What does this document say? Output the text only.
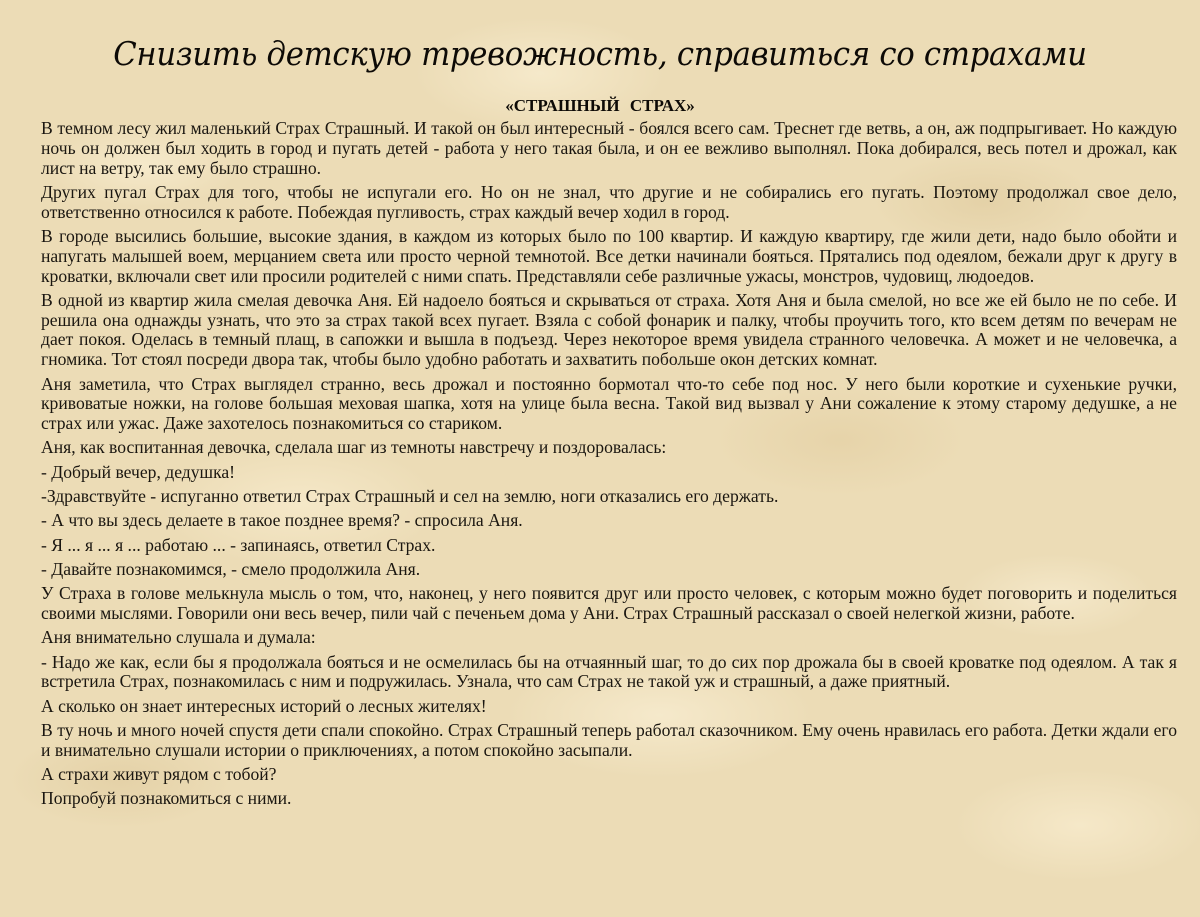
Снизить детскую тревожность, справиться со страхами
«СТРАШНЫЙ СТРАХ»

В темном лесу жил маленький Страх Страшный. И такой он был интересный - боялся всего сам. Треснет где ветвь, а он, аж подпрыгивает. Но каждую ночь он должен был ходить в город и пугать детей - работа у него такая была, и он ее вежливо выполнял. Пока добирался, весь потел и дрожал, как лист на ветру, так ему было страшно.

Других пугал Страх для того, чтобы не испугали его. Но он не знал, что другие и не собирались его пугать. Поэтому продолжал свое дело, ответственно относился к работе. Побеждая пугливость, страх каждый вечер ходил в город.

В городе высились большие, высокие здания, в каждом из которых было по 100 квартир. И каждую квартиру, где жили дети, надо было обойти и напугать малышей воем, мерцанием света или просто черной темнотой. Все детки начинали бояться. Прятались под одеялом, бежали друг к другу в кроватки, включали свет или просили родителей с ними спать. Представляли себе различные ужасы, монстров, чудовищ, людоедов.

В одной из квартир жила смелая девочка Аня. Ей надоело бояться и скрываться от страха. Хотя Аня и была смелой, но все же ей было не по себе. И решила она однажды узнать, что это за страх такой всех пугает. Взяла с собой фонарик и палку, чтобы проучить того, кто всем детям по вечерам не дает покоя. Оделась в темный плащ, в сапожки и вышла в подъезд. Через некоторое время увидела странного человечка. А может и не человечка, а гномика. Тот стоял посреди двора так, чтобы было удобно работать и захватить побольше окон детских комнат.

Аня заметила, что Страх выглядел странно, весь дрожал и постоянно бормотал что-то себе под нос. У него были короткие и сухенькие ручки, кривоватые ножки, на голове большая меховая шапка, хотя на улице была весна. Такой вид вызвал у Ани сожаление к этому старому дедушке, а не страх или ужас. Даже захотелось познакомиться со стариком.

Аня, как воспитанная девочка, сделала шаг из темноты навстречу и поздоровалась:

- Добрый вечер, дедушка!

-Здравствуйте - испуганно ответил Страх Страшный и сел на землю, ноги отказались его держать.

- А что вы здесь делаете в такое позднее время? - спросила Аня.

- Я ... я ... я ... работаю ... - запинаясь, ответил Страх.

- Давайте познакомимся, - смело продолжила Аня.

У Страха в голове мелькнула мысль о том, что, наконец, у него появится друг или просто человек, с которым можно будет поговорить и поделиться своими мыслями. Говорили они весь вечер, пили чай с печеньем дома у Ани. Страх Страшный рассказал о своей нелегкой жизни, работе.

Аня внимательно слушала и думала:

- Надо же как, если бы я продолжала бояться и не осмелилась бы на отчаянный шаг, то до сих пор дрожала бы в своей кроватке под одеялом. А так я встретила Страх, познакомилась с ним и подружилась. Узнала, что сам Страх не такой уж и страшный, а даже приятный.

А сколько он знает интересных историй о лесных жителях!

В ту ночь и много ночей спустя дети спали спокойно. Страх Страшный теперь работал сказочником. Ему очень нравилась его работа. Детки ждали его и внимательно слушали истории о приключениях, а потом спокойно засыпали.

А страхи живут рядом с тобой?

Попробуй познакомиться с ними.
